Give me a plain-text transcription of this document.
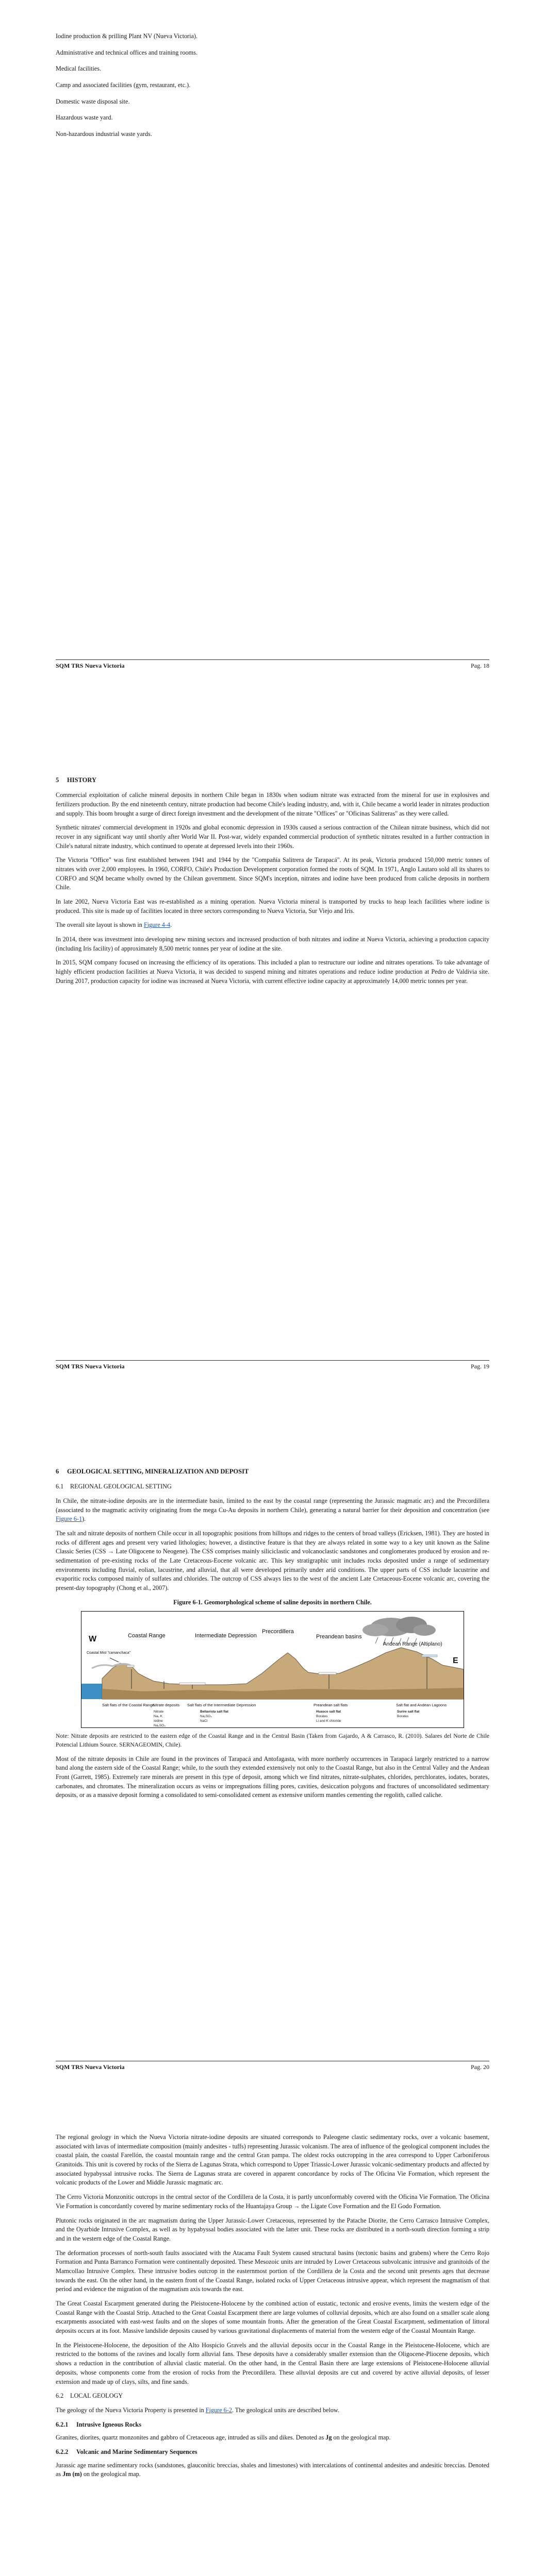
Iodine production & prilling Plant NV (Nueva Victoria).
Administrative and technical offices and training rooms.
Medical facilities.
Camp and associated facilities (gym, restaurant, etc.).
Domestic waste disposal site.
Hazardous waste yard.
Non-hazardous industrial waste yards.
SQM TRS Nueva Victoria	Pag. 18
5 HISTORY

Commercial exploitation of caliche mineral deposits in northern Chile began in 1830s when sodium nitrate was extracted from the mineral for use in explosives and fertilizers production. By the end nineteenth century, nitrate production had become Chile's leading industry, and, with it, Chile became a world leader in nitrates production and supply. This boom brought a surge of direct foreign investment and the development of the nitrate "Offices" or "Oficinas Salitreras" as they were called.

Synthetic nitrates' commercial development in 1920s and global economic depression in 1930s caused a serious contraction of the Chilean nitrate business, which did not recover in any significant way until shortly after World War II. Post-war, widely expanded commercial production of synthetic nitrates resulted in a further contraction in Chile's natural nitrate industry, which continued to operate at depressed levels into their 1960s.

The Victoria "Office" was first established between 1941 and 1944 by the "Compañía Salitrera de Tarapacá". At its peak, Victoria produced 150,000 metric tonnes of nitrates with over 2,000 employees. In 1960, CORFO, Chile's Production Development corporation formed the roots of SQM. In 1971, Anglo Lautaro sold all its shares to CORFO and SQM became wholly owned by the Chilean government. Since SQM's inception, nitrates and iodine have been produced from caliche deposits in northern Chile.

In late 2002, Nueva Victoria East was re-established as a mining operation. Nueva Victoria mineral is transported by trucks to heap leach facilities where iodine is produced. This site is made up of facilities located in three sectors corresponding to Nueva Victoria, Sur Viejo and Iris.

The overall site layout is shown in Figure 4-4.

In 2014, there was investment into developing new mining sectors and increased production of both nitrates and iodine at Nueva Victoria, achieving a production capacity (including Iris facility) of approximately 8,500 metric tonnes per year of iodine at the site.

In 2015, SQM company focused on increasing the efficiency of its operations. This included a plan to restructure our iodine and nitrates operations. To take advantage of highly efficient production facilities at Nueva Victoria, it was decided to suspend mining and nitrates operations and reduce iodine production at Pedro de Valdivia site. During 2017, production capacity for iodine was increased at Nueva Victoria, with current effective iodine capacity at approximately 14,000 metric tonnes per year.

SQM TRS Nueva Victoria	Pag. 19
6 GEOLOGICAL SETTING, MINERALIZATION AND DEPOSIT
6.1 REGIONAL GEOLOGICAL SETTING

In Chile, the nitrate-iodine deposits are in the intermediate basin, limited to the east by the coastal range (representing the Jurassic magmatic arc) and the Precordillera (associated to the magmatic activity originating from the mega Cu-Au deposits in northern Chile), generating a natural barrier for their deposition and concentration (see Figure 6-1).

The salt and nitrate deposits of northern Chile occur in all topographic positions from hilltops and ridges to the centers of broad valleys (Ericksen, 1981). They are hosted in rocks of different ages and present very varied lithologies; however, a distinctive feature is that they are always related in some way to a key unit known as the Saline Classic Series (CSS → Late Oligocene to Neogene). The CSS comprises mainly siliciclastic and volcanoclastic sandstones and conglomerates produced by erosion and re-sedimentation of pre-existing rocks of the Late Cretaceous-Eocene volcanic arc. This key stratigraphic unit includes rocks deposited under a range of sedimentary environments including fluvial, eolian, lacustrine, and alluvial, that all were developed primarily under arid conditions. The upper parts of CSS include lacustrine and evaporitic rocks composed mainly of sulfates and chlorides. The outcrop of CSS always lies to the west of the ancient Late Cretaceous-Eocene volcanic arc, covering the present-day topography (Chong et al., 2007).

Figure 6-1. Geomorphological scheme of saline deposits in northern Chile.
W
E
Coastal Range	Intermediate Depression
Precordillera
Preandean basins
Andean Range (Altiplano)
Coastal Mist "camanchaca"
Salt flats of the Coastal Range
Nitrate deposits Salt flats of the Intermediate Depression	Preandean salt flats	Salt flat and Andean Lagoons
Nitrate
Na₂ K
Iodine
Na₂SO₄
Bellavista salt flat
Na₂SO₄
NaCl
Huasco salt flat
Borates
Li and K chloride
Surire salt flat
Borates

Note: Nitrate deposits are restricted to the eastern edge of the Coastal Range and in the Central Basin (Taken from Gajardo, A & Carrasco, R. (2010). Salares del Norte de Chile Potencial Lithium Source. SERNAGEOMIN, Chile).

Most of the nitrate deposits in Chile are found in the provinces of Tarapacá and Antofagasta, with more northerly occurrences in Tarapacá largely restricted to a narrow band along the eastern side of the Coastal Range; while, to the south they extended extensively not only to the Coastal Range, but also in the Central Valley and the Andean Front (Garrett, 1985). Extremely rare minerals are present in this type of deposit, among which we find nitrates, nitrate-sulphates, chlorides, perchlorates, iodates, borates, carbonates, and chromates. The mineralization occurs as veins or impregnations filling pores, cavities, desiccation polygons and fractures of unconsolidated sedimentary deposits, or as a massive deposit forming a consolidated to semi-consolidated cement as extensive uniform mantles cementing the regolith, called caliche.

SQM TRS Nueva Victoria	Pag. 20

The regional geology in which the Nueva Victoria nitrate-iodine deposits are situated corresponds to Paleogene clastic sedimentary rocks, over a volcanic basement, associated with lavas of intermediate composition (mainly andesites - tuffs) representing Jurassic volcanism. The area of influence of the geological component includes the coastal plain, the coastal Farellón, the coastal mountain range and the central Gran pampa. The oldest rocks outcropping in the area correspond to Upper Carboniferous Granitoids. This unit is covered by rocks of the Sierra de Lagunas Strata, which correspond to Upper Triassic-Lower Jurassic volcanic-sedimentary products and affected by associated hypabyssal intrusive rocks. The Sierra de Lagunas strata are covered in apparent concordance by rocks of The Oficina Vie Formation, which represent the volcanic products of the Lower and Middle Jurassic magmatic arc.

The Cerro Victoria Monzonitic outcrops in the central sector of the Cordillera de la Costa, it is partly unconformably covered with the Oficina Vie Formation. The Oficina Vie Formation is concordantly covered by marine sedimentary rocks of the Huantajaya Group → the Ligate Cove Formation and the El Godo Formation.

Plutonic rocks originated in the arc magmatism during the Upper Jurassic-Lower Cretaceous, represented by the Patache Diorite, the Cerro Carrasco Intrusive Complex, and the Oyarbide Intrusive Complex, as well as by hypabyssal bodies associated with the latter unit. These rocks are distributed in a north-south direction forming a strip and in the western edge of the Coastal Range.

The deformation processes of north-south faults associated with the Atacama Fault System caused structural basins (tectonic basins and grabens) where the Cerro Rojo Formation and Punta Barranco Formation were continentally deposited. These Mesozoic units are intruded by Lower Cretaceous subvolcanic intrusive and granitoids of the Mamcollao Intrusive Complex. These intrusive bodies outcrop in the easternmost portion of the Cordillera de la Costa and the second unit presents ages that decrease towards the east. On the other hand, in the eastern front of the Coastal Range, isolated rocks of Upper Cretaceous intrusive appear, which represent the magmatism of that period and evidence the migration of the magmatism axis towards the east.

The Great Coastal Escarpment generated during the Pleistocene-Holocene by the combined action of eustatic, tectonic and erosive events, limits the western edge of the Coastal Range with the Coastal Strip. Attached to the Great Coastal Escarpment there are large volumes of colluvial deposits, which are also found on a smaller scale along escarpments associated with east-west faults and on the slopes of some mountain fronts. After the generation of the Great Coastal Escarpment, sedimentation of littoral deposits occurs at its foot. Massive landslide deposits caused by various gravitational displacements of material from the western edge of the Coastal Mountain Range.

In the Pleistocene-Holocene, the deposition of the Alto Hospicio Gravels and the alluvial deposits occur in the Coastal Range in the Pleistocene-Holocene, which are restricted to the bottoms of the ravines and locally form alluvial fans. These deposits have a considerably smaller extension than the Oligocene-Pliocene deposits, which shows a reduction in the contribution of alluvial clastic material. On the other hand, in the Central Basin there are large extensions of Pleistocene-Holocene alluvial deposits, whose components come from the erosion of rocks from the Precordillera. These alluvial deposits are cut and covered by active alluvial deposits, of lesser extension and made up of clays, silts, and fine sands.

6.2 LOCAL GEOLOGY

The geology of the Nueva Victoria Property is presented in Figure 6-2. The geological units are described below.

6.2.1 Intrusive Igneous Rocks

Granites, diorites, quartz monzonites and gabbro of Cretaceous age, intruded as sills and dikes. Denoted as Jg on the geological map.

6.2.2 Volcanic and Marine Sedimentary Sequences

Jurassic age marine sedimentary rocks (sandstones, glauconitic breccias, shales and limestones) with intercalations of continental andesites and andesitic breccias. Denoted as Jm (m) on the geological map.
